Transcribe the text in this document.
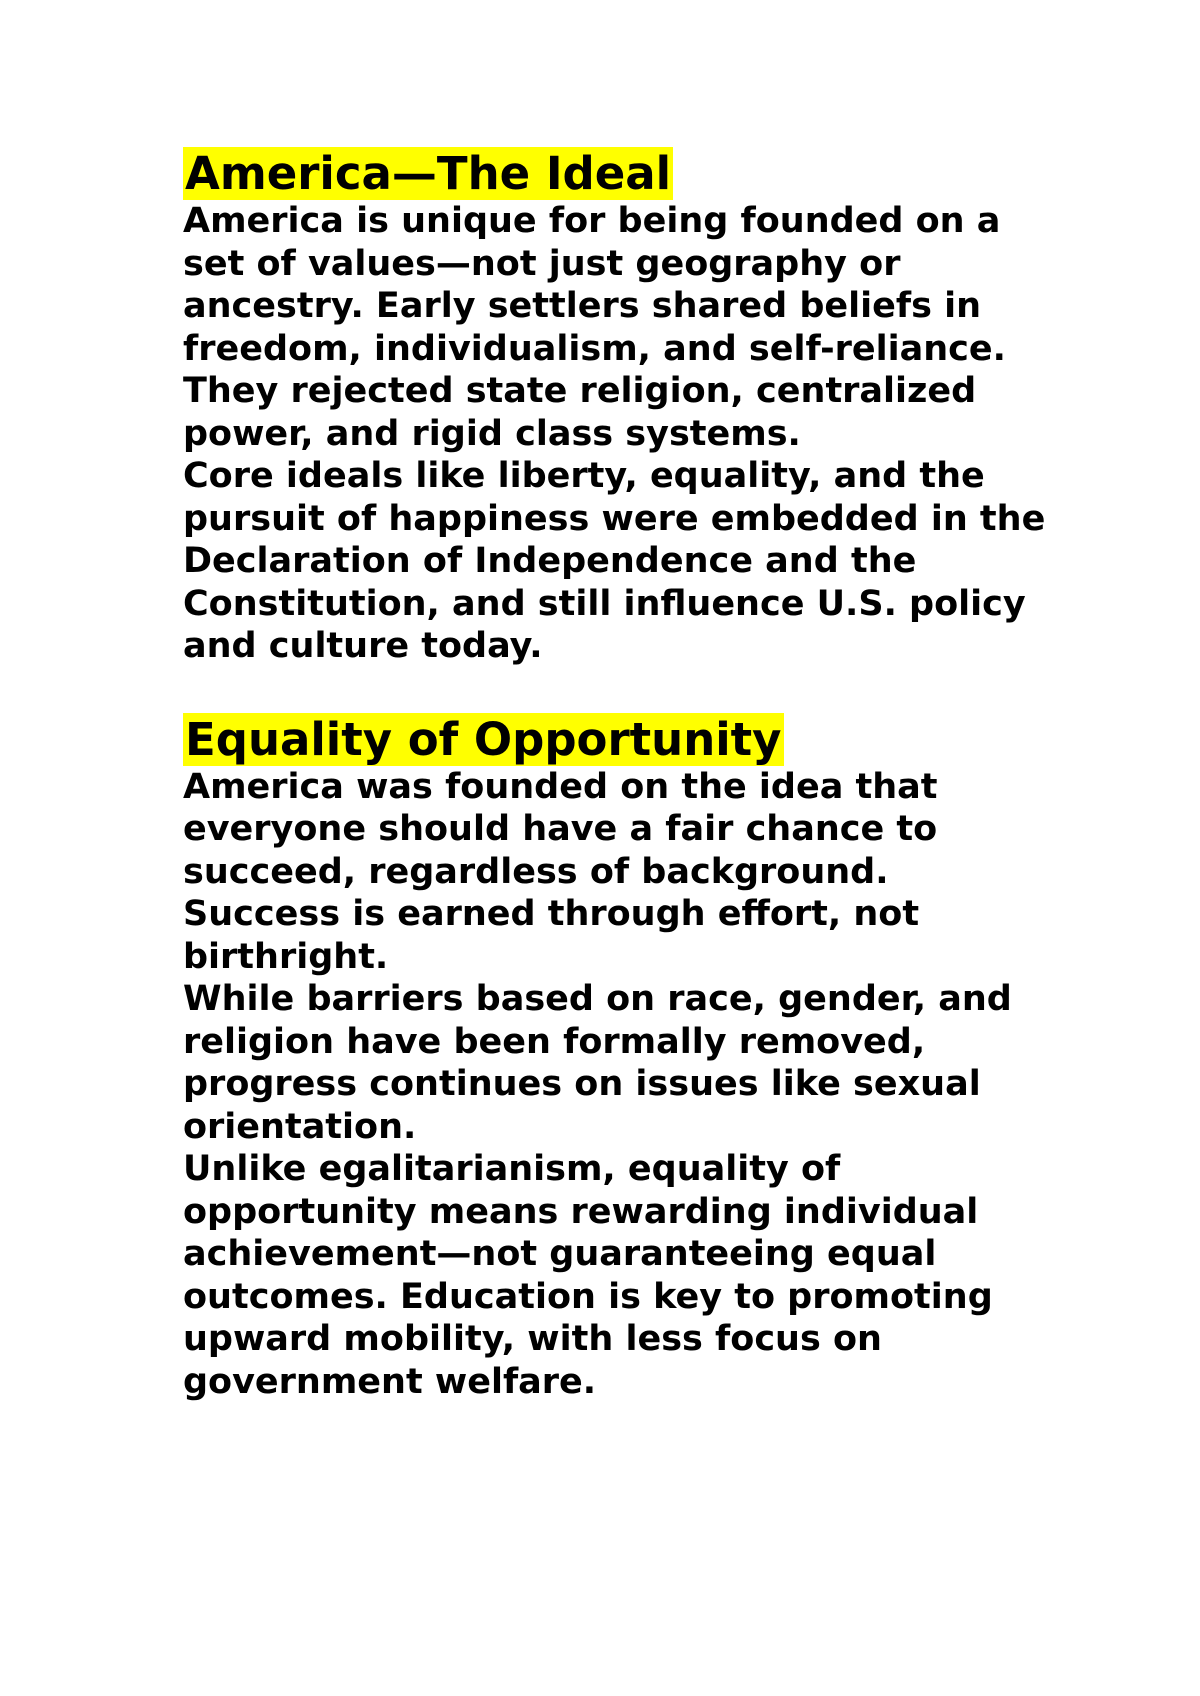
America—The Ideal

America is unique for being founded on a set of values—not just geography or ancestry. Early settlers shared beliefs in freedom, individualism, and self-reliance. They rejected state religion, centralized power, and rigid class systems.

Core ideals like liberty, equality, and the pursuit of happiness were embedded in the Declaration of Independence and the Constitution, and still influence U.S. policy and culture today.

Equality of Opportunity

America was founded on the idea that everyone should have a fair chance to succeed, regardless of background. Success is earned through effort, not birthright.

While barriers based on race, gender, and religion have been formally removed, progress continues on issues like sexual orientation.

Unlike egalitarianism, equality of opportunity means rewarding individual achievement—not guaranteeing equal outcomes. Education is key to promoting upward mobility, with less focus on government welfare.
